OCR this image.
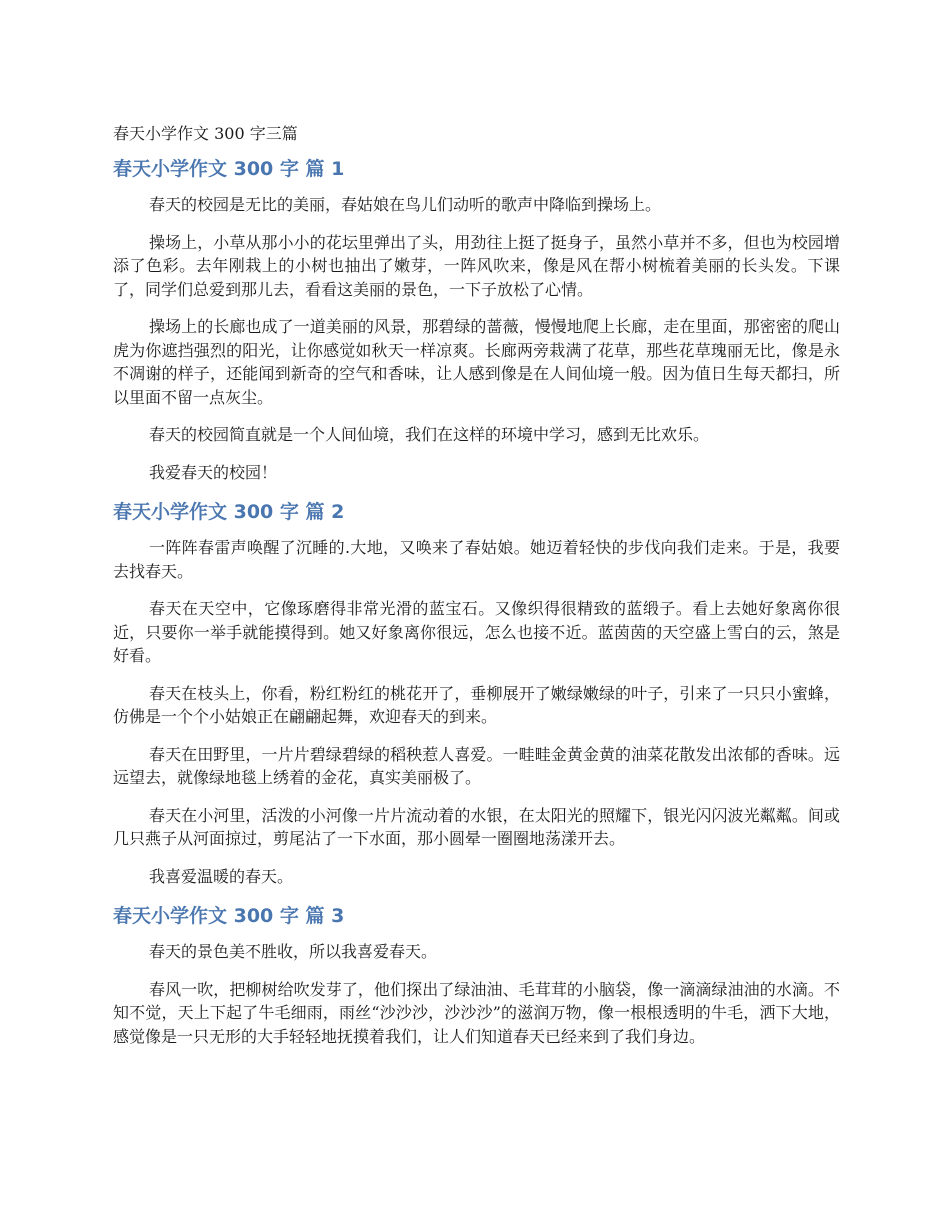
春天小学作文 300 字三篇
春天小学作文 300 字 篇 1

春天的校园是无比的美丽，春姑娘在鸟儿们动听的歌声中降临到操场上。

操场上，小草从那小小的花坛里弹出了头，用劲往上挺了挺身子，虽然小草并不多，但也为校园增添了色彩。去年刚栽上的小树也抽出了嫩芽，一阵风吹来，像是风在帮小树梳着美丽的长头发。下课了，同学们总爱到那儿去，看看这美丽的景色，一下子放松了心情。

操场上的长廊也成了一道美丽的风景，那碧绿的蔷薇，慢慢地爬上长廊，走在里面，那密密的爬山虎为你遮挡强烈的阳光，让你感觉如秋天一样凉爽。长廊两旁栽满了花草，那些花草瑰丽无比，像是永不凋谢的样子，还能闻到新奇的空气和香味，让人感到像是在人间仙境一般。因为值日生每天都扫，所以里面不留一点灰尘。

春天的校园简直就是一个人间仙境，我们在这样的环境中学习，感到无比欢乐。

我爱春天的校园！

春天小学作文 300 字 篇 2

一阵阵春雷声唤醒了沉睡的.大地，又唤来了春姑娘。她迈着轻快的步伐向我们走来。于是，我要去找春天。

春天在天空中，它像琢磨得非常光滑的蓝宝石。又像织得很精致的蓝缎子。看上去她好象离你很近，只要你一举手就能摸得到。她又好象离你很远，怎么也接不近。蓝茵茵的天空盛上雪白的云，煞是好看。

春天在枝头上，你看，粉红粉红的桃花开了，垂柳展开了嫩绿嫩绿的叶子，引来了一只只小蜜蜂，仿佛是一个个小姑娘正在翩翩起舞，欢迎春天的到来。

春天在田野里，一片片碧绿碧绿的稻秧惹人喜爱。一畦畦金黄金黄的油菜花散发出浓郁的香味。远远望去，就像绿地毯上绣着的金花，真实美丽极了。

春天在小河里，活泼的小河像一片片流动着的水银，在太阳光的照耀下，银光闪闪波光粼粼。间或几只燕子从河面掠过，剪尾沾了一下水面，那小圆晕一圈圈地荡漾开去。

我喜爱温暖的春天。

春天小学作文 300 字 篇 3

春天的景色美不胜收，所以我喜爱春天。

春风一吹，把柳树给吹发芽了，他们探出了绿油油、毛茸茸的小脑袋，像一滴滴绿油油的水滴。不知不觉，天上下起了牛毛细雨，雨丝“沙沙沙，沙沙沙”的滋润万物，像一根根透明的牛毛，洒下大地，感觉像是一只无形的大手轻轻地抚摸着我们，让人们知道春天已经来到了我们身边。
